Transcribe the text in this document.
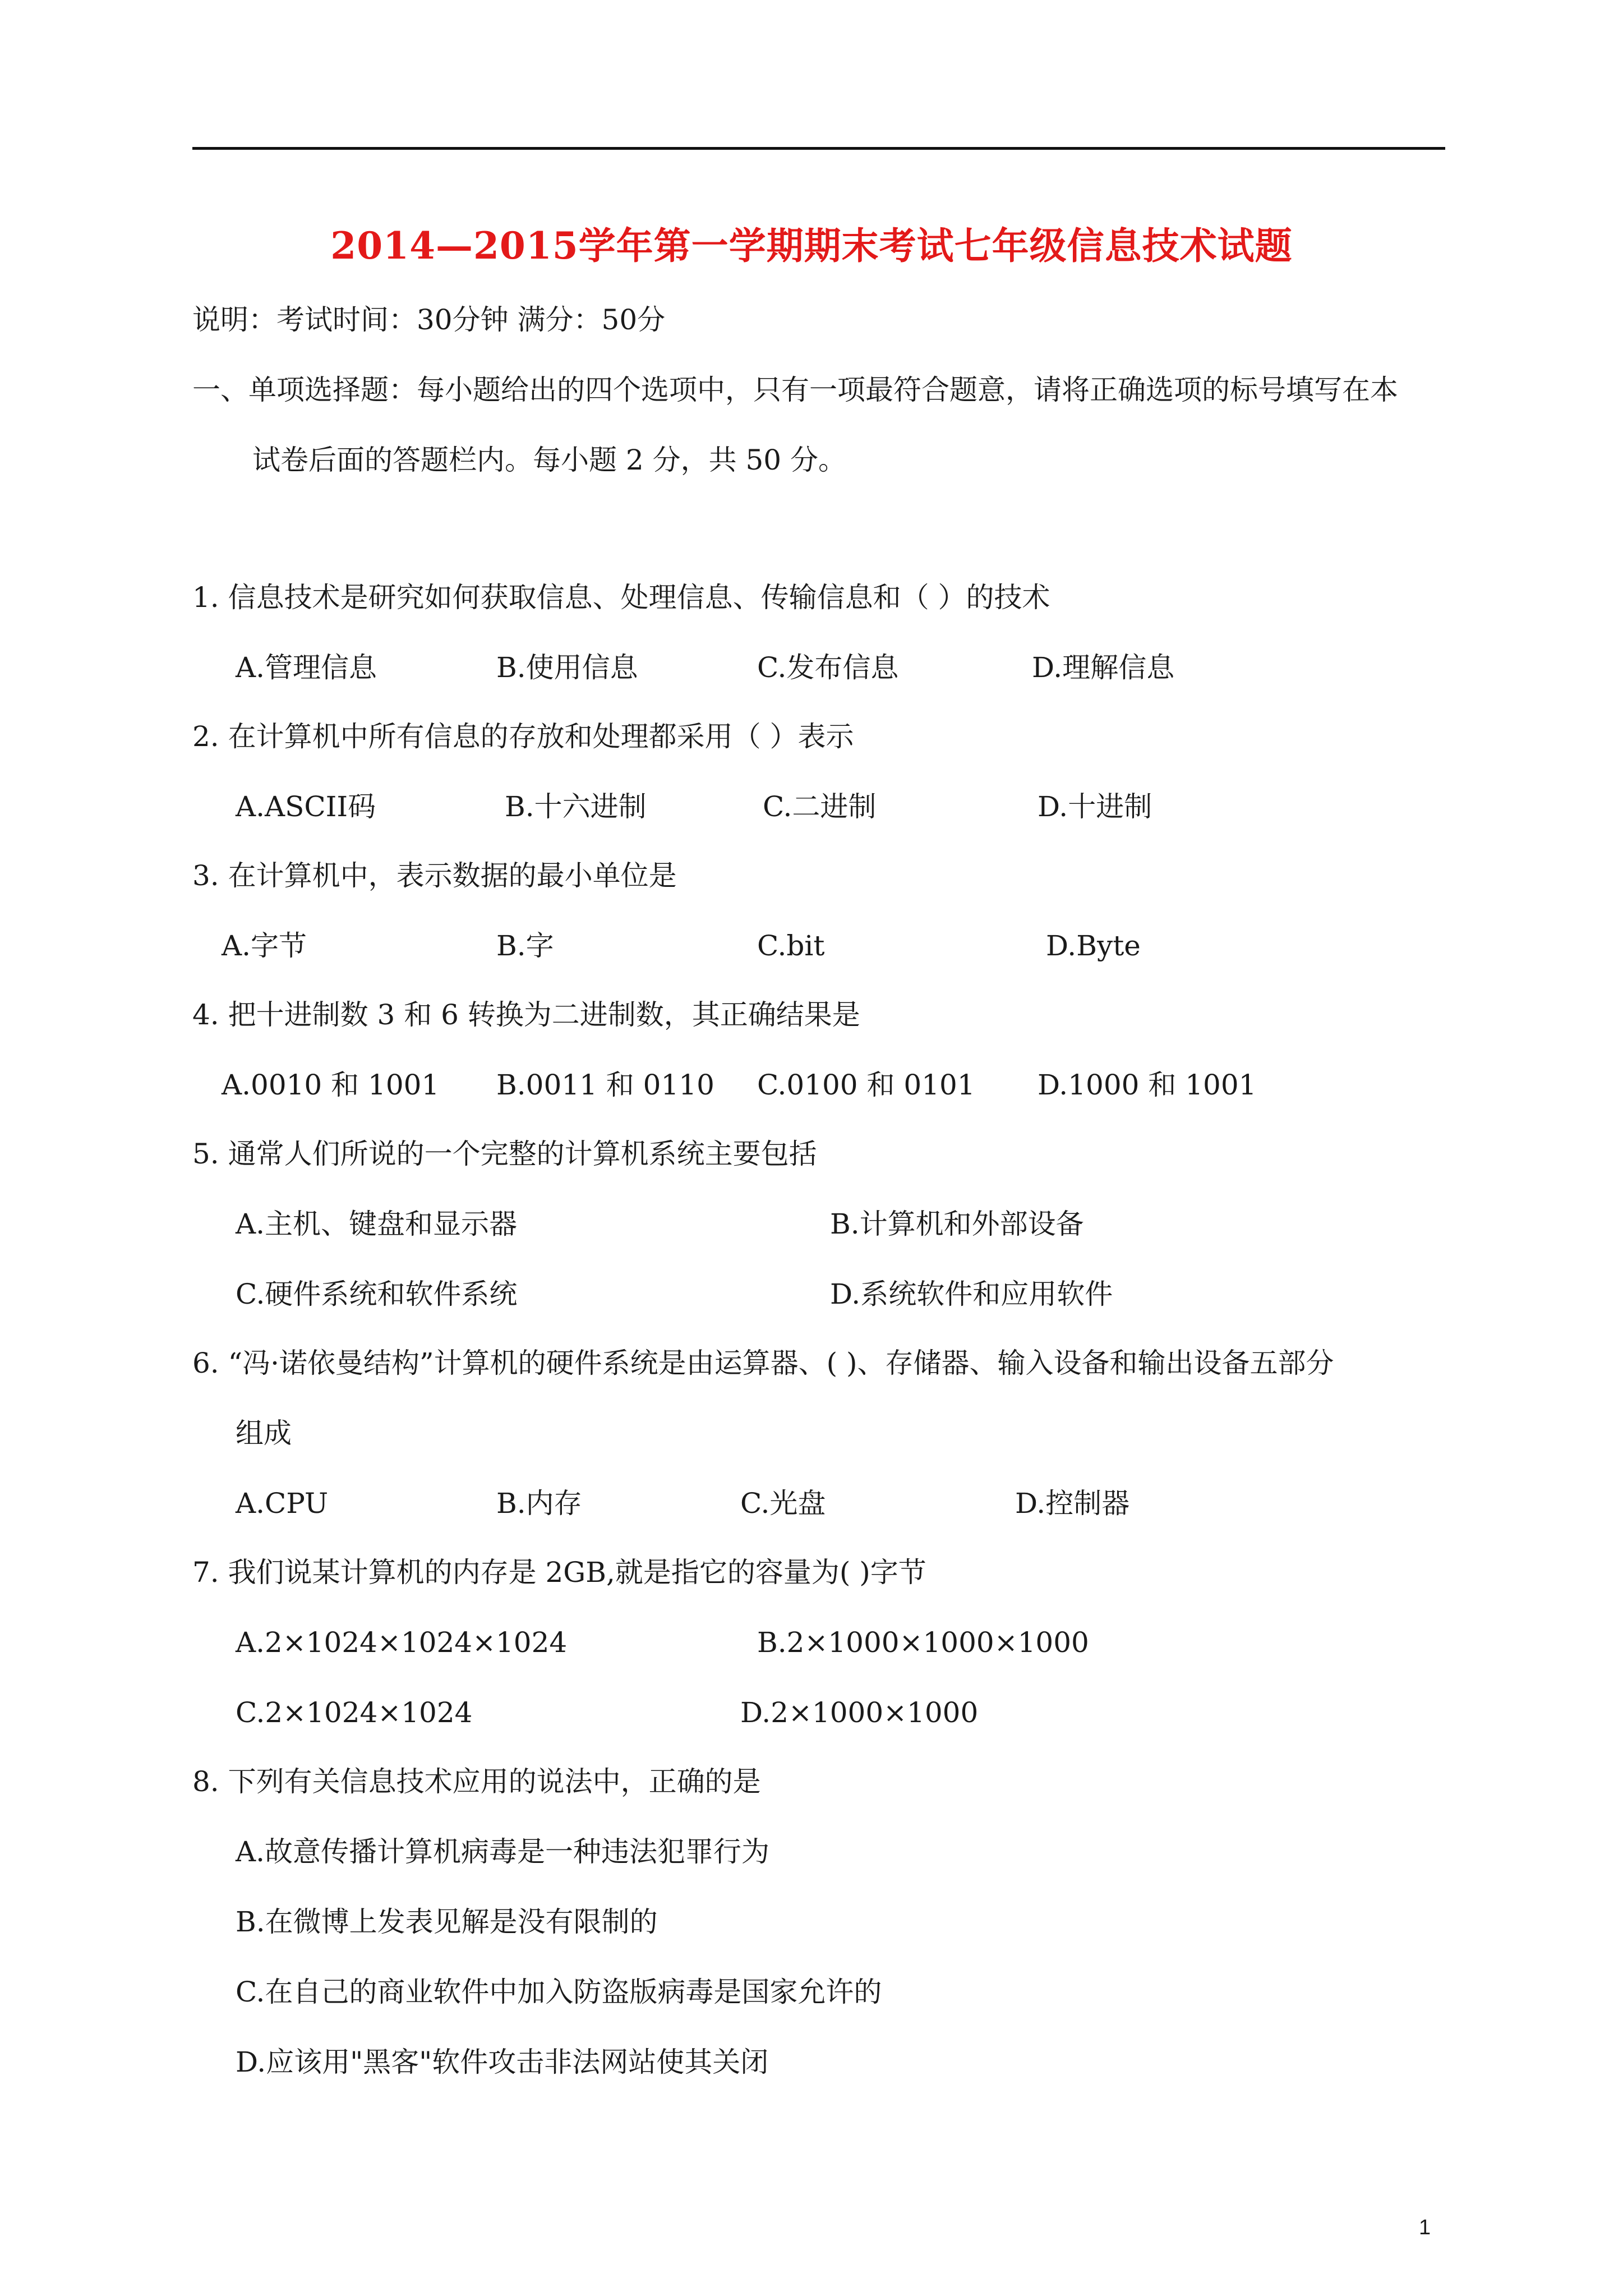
2014—2015学年第一学期期末考试七年级信息技术试题
说明：考试时间：30分钟 满分：50分
一、单项选择题：每小题给出的四个选项中，只有一项最符合题意，请将正确选项的标号填写在本
试卷后面的答题栏内。每小题 2 分，共 50 分。
1. 信息技术是研究如何获取信息、处理信息、传输信息和（ ）的技术
A.管理信息	B.使用信息	C.发布信息	D.理解信息
2. 在计算机中所有信息的存放和处理都采用（ ）表示
A.ASCII码	B.十六进制	C.二进制	D.十进制
3. 在计算机中，表示数据的最小单位是
A.字节	B.字	C.bit	D.Byte
4. 把十进制数 3 和 6 转换为二进制数，其正确结果是
A.0010 和 1001 B.0011 和 0110 C.0100 和 0101 D.1000 和 1001
5. 通常人们所说的一个完整的计算机系统主要包括
A.主机、键盘和显示器	B.计算机和外部设备
C.硬件系统和软件系统	D.系统软件和应用软件
6. “冯·诺依曼结构”计算机的硬件系统是由运算器、( )、存储器、输入设备和输出设备五部分
组成
A.CPU	B.内存	C.光盘	D.控制器
7. 我们说某计算机的内存是 2GB,就是指它的容量为( )字节
A.2×1024×1024×1024	B.2×1000×1000×1000
C.2×1024×1024	D.2×1000×1000
8. 下列有关信息技术应用的说法中，正确的是
A.故意传播计算机病毒是一种违法犯罪行为
B.在微博上发表见解是没有限制的
C.在自己的商业软件中加入防盗版病毒是国家允许的
D.应该用"黑客"软件攻击非法网站使其关闭
1
